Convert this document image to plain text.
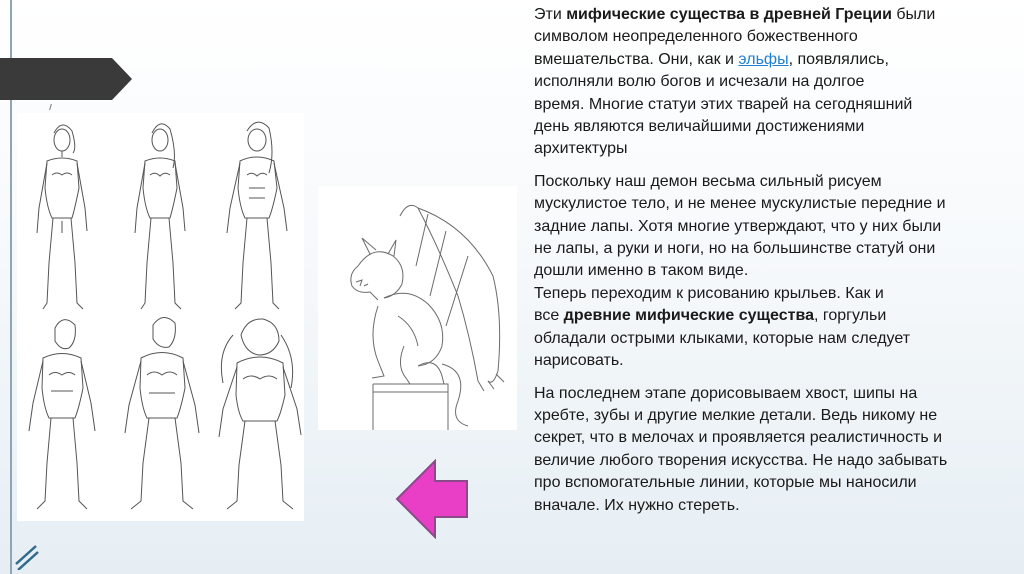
Эти мифические существа в древней Греции были
символом неопределенного божественного
вмешательства. Они, как и эльфы, появлялись,
исполняли волю богов и исчезали на долгое
время. Многие статуи этих тварей на сегодняшний
день являются величайшими достижениями
архитектуры

Поскольку наш демон весьма сильный рисуем
мускулистое тело, и не менее мускулистые передние и
задние лапы. Хотя многие утверждают, что у них были
не лапы, а руки и ноги, но на большинстве статуй они
дошли именно в таком виде.
Теперь переходим к рисованию крыльев. Как и
все древние мифические существа, горгульи
обладали острыми клыками, которые нам следует
нарисовать.

На последнем этапе дорисовываем хвост, шипы на
хребте, зубы и другие мелкие детали. Ведь никому не
секрет, что в мелочах и проявляется реалистичность и
величие любого творения искусства. Не надо забывать
про вспомогательные линии, которые мы наносили
вначале. Их нужно стереть.
